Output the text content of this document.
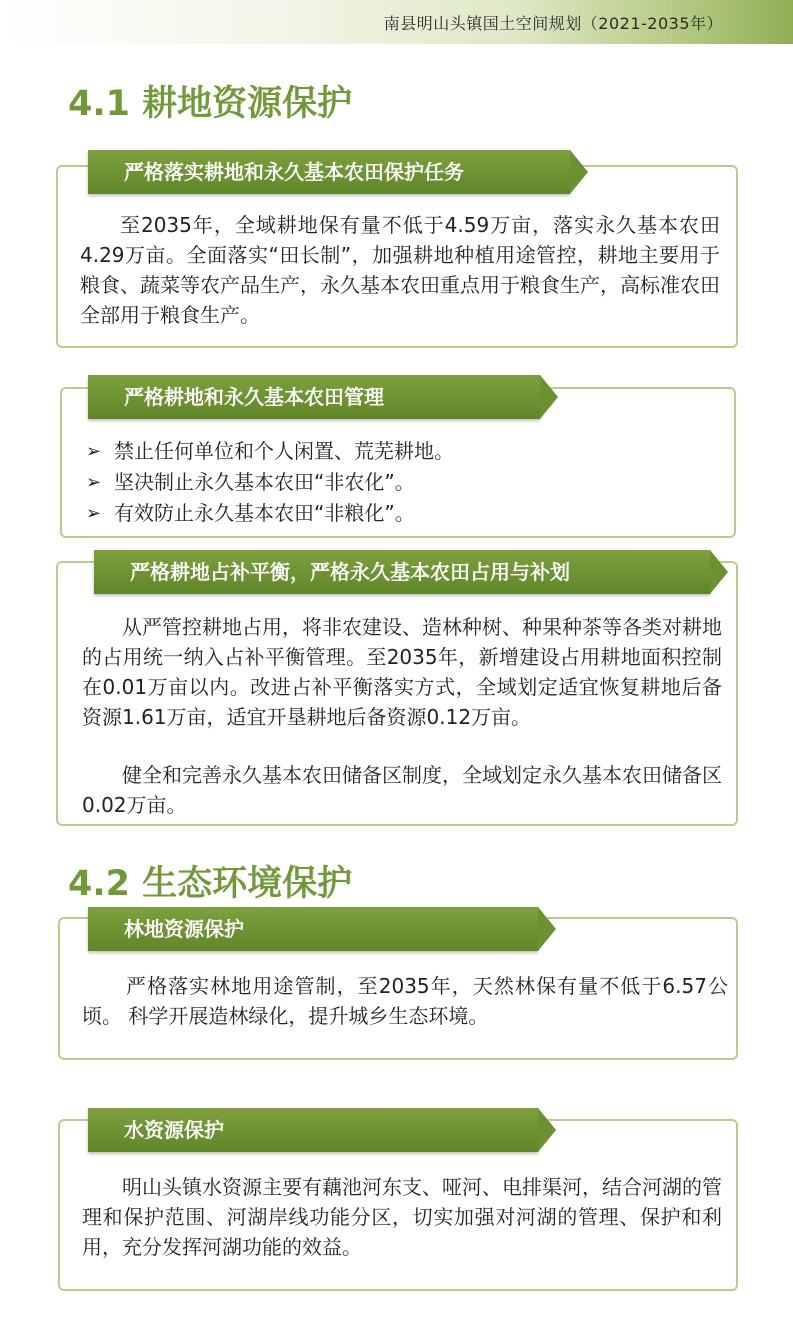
南县明山头镇国土空间规划（2021-2035年）
4.1 耕地资源保护
严格落实耕地和永久基本农田保护任务
至2035年，全域耕地保有量不低于4.59万亩，落实永久基本农田4.29万亩。全面落实“田长制”，加强耕地种植用途管控，耕地主要用于粮食、蔬菜等农产品生产，永久基本农田重点用于粮食生产，高标准农田全部用于粮食生产。
严格耕地和永久基本农田管理
➢ 禁止任何单位和个人闲置、荒芜耕地。
➢ 坚决制止永久基本农田“非农化”。
➢ 有效防止永久基本农田“非粮化”。
严格耕地占补平衡，严格永久基本农田占用与补划
从严管控耕地占用，将非农建设、造林种树、种果种茶等各类对耕地的占用统一纳入占补平衡管理。至2035年，新增建设占用耕地面积控制在0.01万亩以内。改进占补平衡落实方式，全域划定适宜恢复耕地后备资源1.61万亩，适宜开垦耕地后备资源0.12万亩。
健全和完善永久基本农田储备区制度，全域划定永久基本农田储备区0.02万亩。
4.2 生态环境保护
林地资源保护
严格落实林地用途管制，至2035年，天然林保有量不低于6.57公顷。 科学开展造林绿化，提升城乡生态环境。
水资源保护
明山头镇水资源主要有藕池河东支、哑河、电排渠河，结合河湖的管理和保护范围、河湖岸线功能分区，切实加强对河湖的管理、保护和利用，充分发挥河湖功能的效益。
